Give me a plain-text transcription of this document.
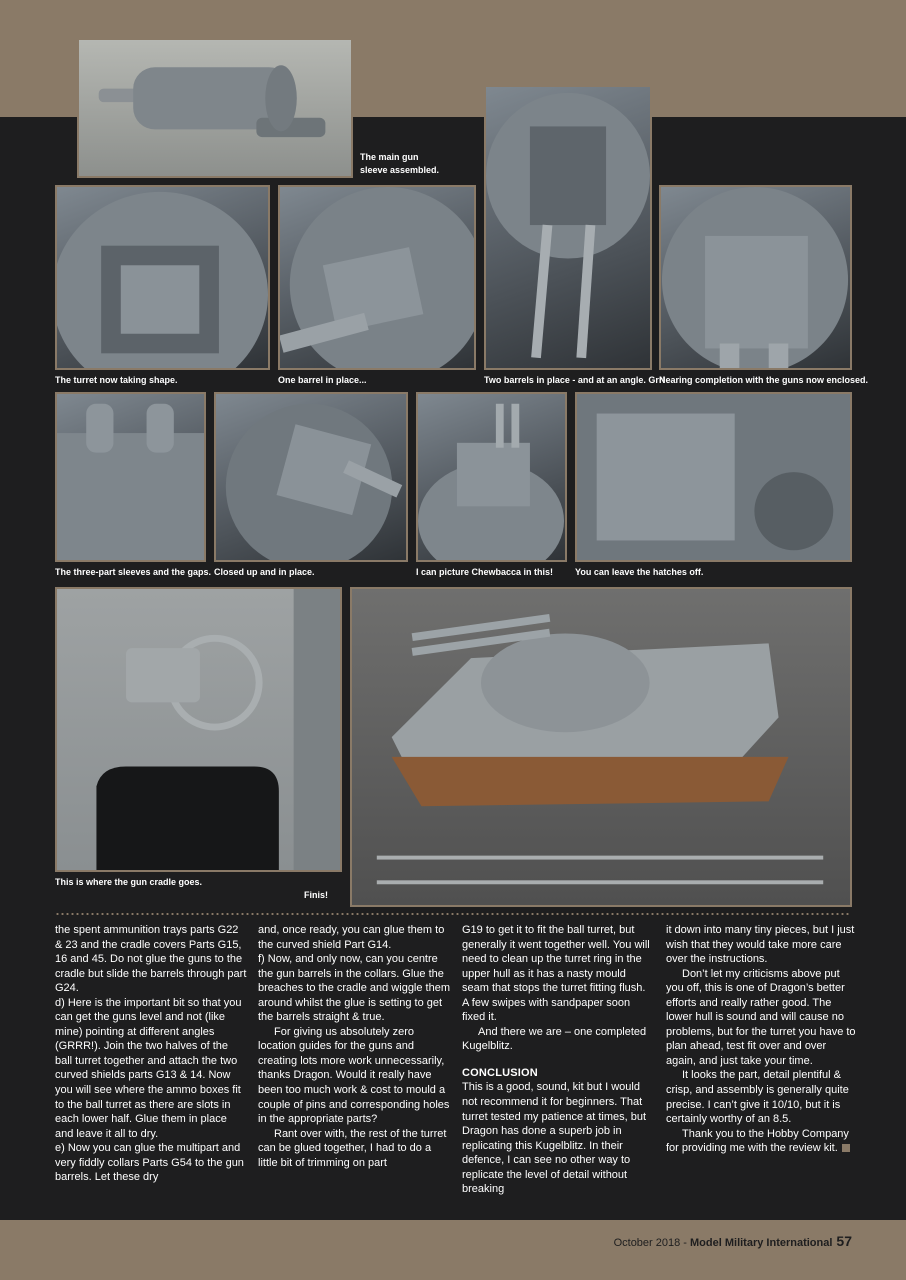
The main gun
sleeve assembled.
The turret now taking shape.	One barrel in place...	Two barrels in place - and at an angle. Grr!
Nearing completion with the guns now enclosed.
The three-part sleeves and the gaps. Closed up and in place.	I can picture Chewbacca in this! You can leave the hatches off.
This is where the gun cradle goes.
Finis!

the spent ammunition trays parts G22 & 23 and the cradle covers Parts G15, 16 and 45. Do not glue the guns to the cradle but slide the barrels through part G24.

d) Here is the important bit so that you can get the guns level and not (like mine) pointing at different angles (GRRR!). Join the two halves of the ball turret together and attach the two curved shields parts G13 & 14. Now you will see where the ammo boxes fit to the ball turret as there are slots in each lower half. Glue them in place and leave it all to dry.

e) Now you can glue the multipart and very fiddly collars Parts G54 to the gun barrels. Let these dry

and, once ready, you can glue them to the curved shield Part G14.

f) Now, and only now, can you centre the gun barrels in the collars. Glue the breaches to the cradle and wiggle them around whilst the glue is setting to get the barrels straight & true.

For giving us absolutely zero location guides for the guns and creating lots more work unnecessarily, thanks Dragon. Would it really have been too much work & cost to mould a couple of pins and corresponding holes in the appropriate parts?

Rant over with, the rest of the turret can be glued together, I had to do a little bit of trimming on part

G19 to get it to fit the ball turret, but generally it went together well. You will need to clean up the turret ring in the upper hull as it has a nasty mould seam that stops the turret fitting flush. A few swipes with sandpaper soon fixed it.

And there we are – one completed Kugelblitz.

CONCLUSION

This is a good, sound, kit but I would not recommend it for beginners. That turret tested my patience at times, but Dragon has done a superb job in replicating this Kugelblitz. In their defence, I can see no other way to replicate the level of detail without breaking

it down into many tiny pieces, but I just wish that they would take more care over the instructions.

Don’t let my criticisms above put you off, this is one of Dragon’s better efforts and really rather good. The lower hull is sound and will cause no problems, but for the turret you have to plan ahead, test fit over and over again, and just take your time.

It looks the part, detail plentiful & crisp, and assembly is generally quite precise. I can’t give it 10/10, but it is certainly worthy of an 8.5.

Thank you to the Hobby Company for providing me with the review kit.

October 2018 - Model Military International 57
